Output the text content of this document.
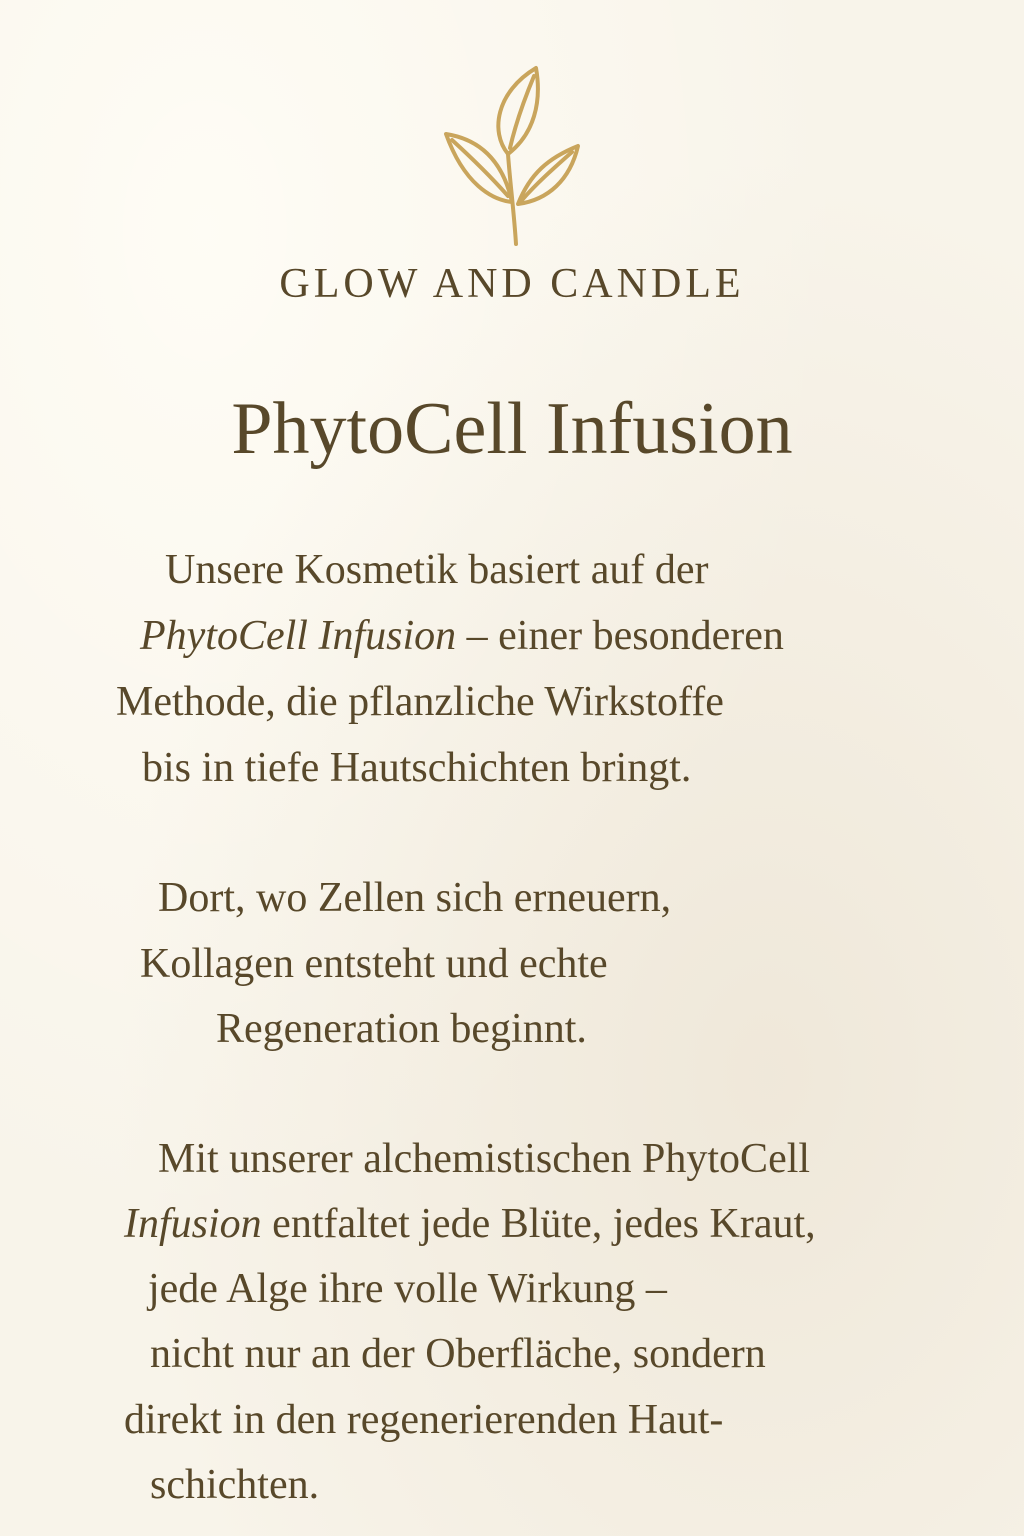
GLOW AND CANDLE
PhytoCell Infusion
Unsere Kosmetik basiert auf der
PhytoCell Infusion – einer besonderen
Methode, die pflanzliche Wirkstoffe
bis in tiefe Hautschichten bringt.
Dort, wo Zellen sich erneuern,
Kollagen entsteht und echte
Regeneration beginnt.
Mit unserer alchemistischen PhytoCell
Infusion entfaltet jede Blüte, jedes Kraut,
jede Alge ihre volle Wirkung –
nicht nur an der Oberfläche, sondern
direkt in den regenerierenden Haut-
schichten.
